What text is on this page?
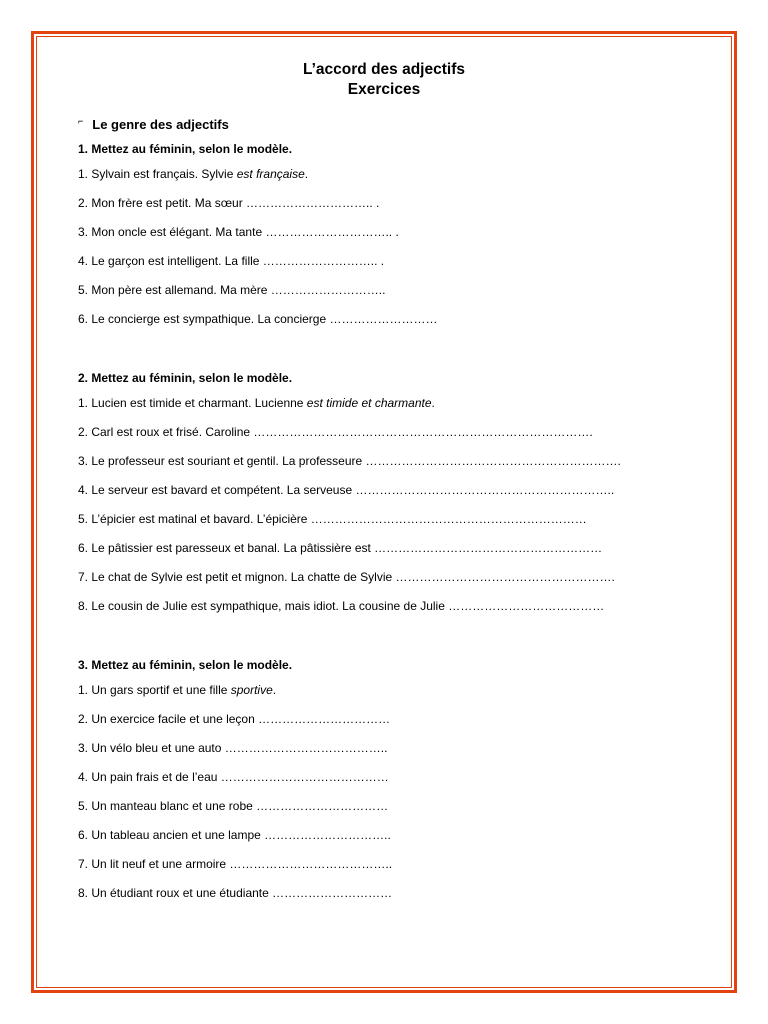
L’accord des adjectifs
Exercices
⌐ Le genre des adjectifs
1. Mettez au féminin, selon le modèle.
1. Sylvain est français. Sylvie est française.
2. Mon frère est petit. Ma sœur ………………………….. .
3. Mon oncle est élégant. Ma tante ………………………….. .
4. Le garçon est intelligent. La fille ……………………….. .
5. Mon père est allemand. Ma mère ………………………..
6. Le concierge est sympathique. La concierge ………………………
2. Mettez au féminin, selon le modèle.
1. Lucien est timide et charmant. Lucienne est timide et charmante.
2. Carl est roux et frisé. Caroline ………………………………………………………………………….
3. Le professeur est souriant et gentil. La professeure ……………………………………………………….
4. Le serveur est bavard et compétent. La serveuse ………………………………………………………..
5. L’épicier est matinal et bavard. L’épicière ……………………………………………………………
6. Le pâtissier est paresseux et banal. La pâtissière est …………………………………………………
7. Le chat de Sylvie est petit et mignon. La chatte de Sylvie ……………………………………………….
8. Le cousin de Julie est sympathique, mais idiot. La cousine de Julie …………………………………
3. Mettez au féminin, selon le modèle.
1. Un gars sportif et une fille sportive.
2. Un exercice facile et une leçon ……………………………
3. Un vélo bleu et une auto …………………………………..
4. Un pain frais et de l’eau ……………………………………
5. Un manteau blanc et une robe ……………………………
6. Un tableau ancien et une lampe …………………………..
7. Un lit neuf et une armoire …………………………………..
8. Un étudiant roux et une étudiante …………………………
